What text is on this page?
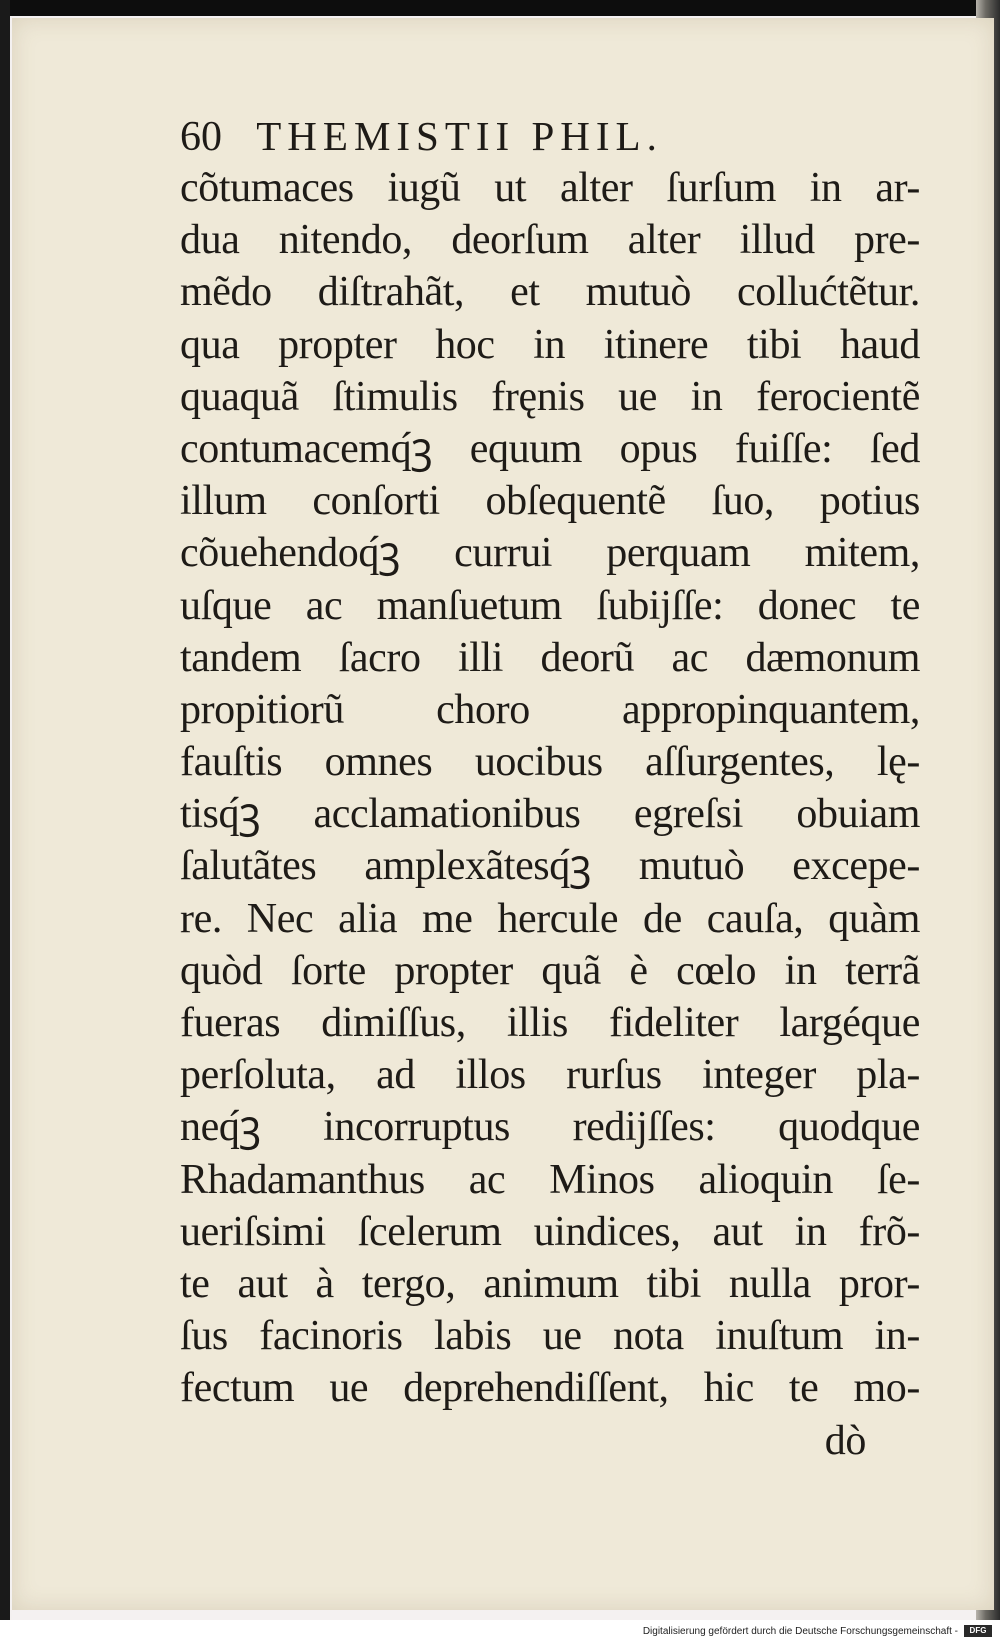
60 THEMISTII PHIL.
cõtumaces iugũ ut alter ſurſum in ar-
dua nitendo, deorſum alter illud pre-
mẽdo diſtrahãt, et mutuò collućtẽtur.
qua propter hoc in itinere tibi haud
quaquã ſtimulis fręnis ue in ferocientẽ
contumacemq́ꝫ equum opus fuiſſe: ſed
illum conſorti obſequentẽ ſuo, potius
cõuehendoq́ꝫ currui perquam mitem,
uſque ac manſuetum ſubijſſe: donec te
tandem ſacro illi deorũ ac dæmonum
propitiorũ choro appropinquantem,
fauſtis omnes uocibus aſſurgentes, lę-
tisq́ꝫ acclamationibus egreſsi obuiam
ſalutãtes amplexãtesq́ꝫ mutuò excepe-
re. Nec alia me hercule de cauſa, quàm
quòd ſorte propter quã è cœlo in terrã
fueras dimiſſus, illis fideliter largéque
perſoluta, ad illos rurſus integer pla-
neq́ꝫ incorruptus redijſſes: quodque
Rhadamanthus ac Minos alioquin ſe-
ueriſsimi ſcelerum uindices, aut in frõ-
te aut à tergo, animum tibi nulla pror-
ſus facinoris labis ue nota inuſtum in-
fectum ue deprehendiſſent, hic te mo-
dò
Digitalisierung gefördert durch die Deutsche Forschungsgemeinschaft -	DFG
